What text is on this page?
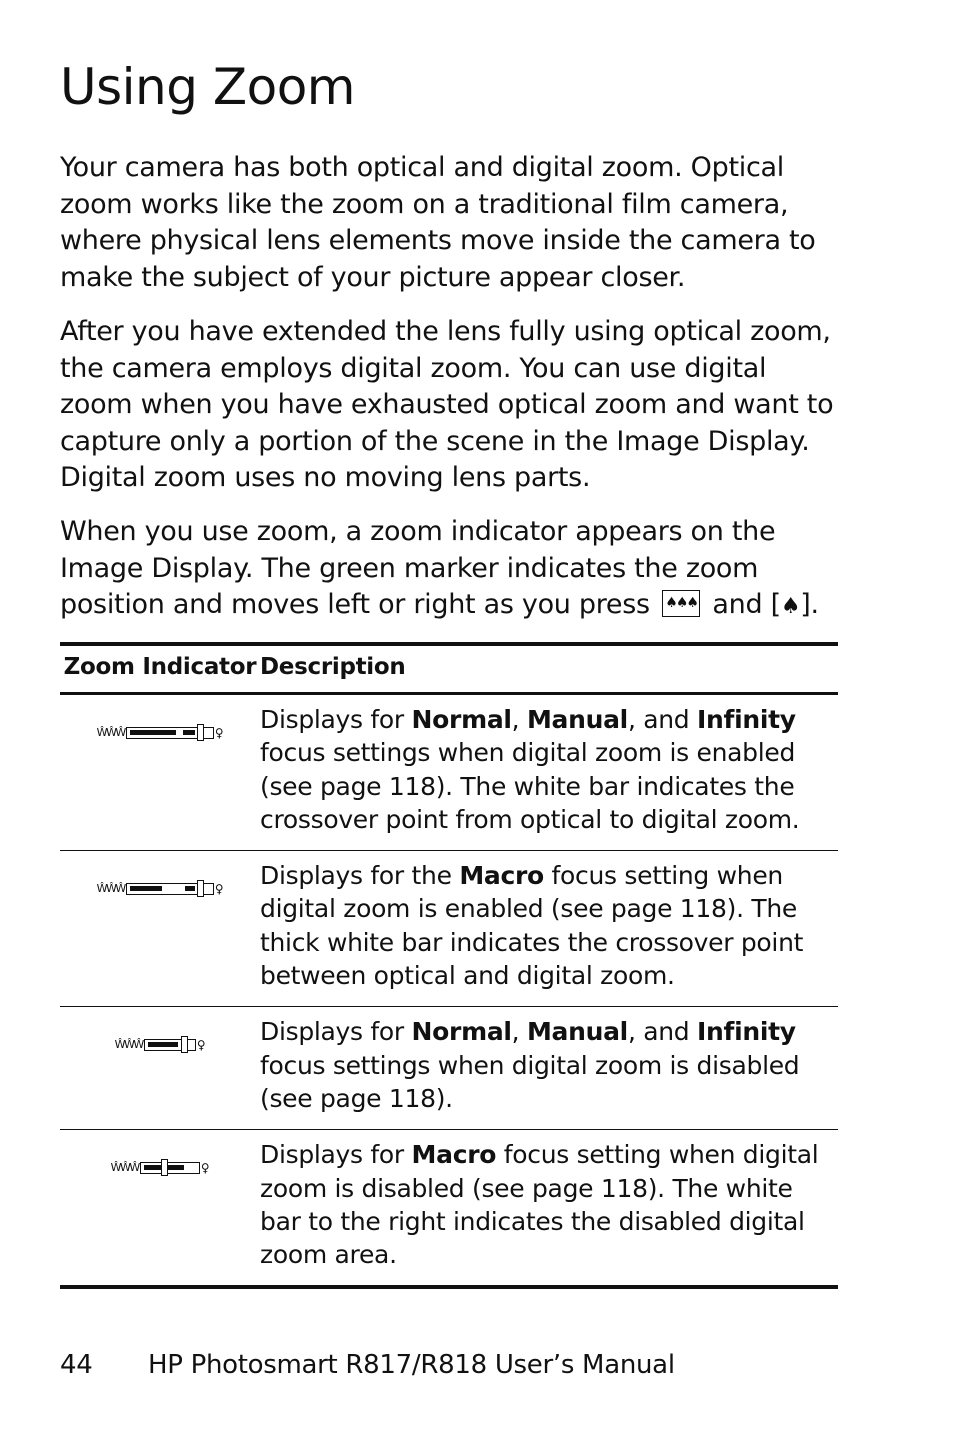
Using Zoom

Your camera has both optical and digital zoom. Optical zoom works like the zoom on a traditional film camera, where physical lens elements move inside the camera to make the subject of your picture appear closer.

After you have extended the lens fully using optical zoom, the camera employs digital zoom. You can use digital zoom when you have exhausted optical zoom and want to capture only a portion of the scene in the Image Display. Digital zoom uses no moving lens parts.

When you use zoom, a zoom indicator appears on the Image Display. The green marker indicates the zoom position and moves left or right as you press ♠♠♠ and [♠].

Zoom Indicator	Description

ŴŴŴ ♀	Displays for Normal, Manual, and Infinity focus settings when digital zoom is enabled (see page 118). The white bar indicates the crossover point from optical to digital zoom.

ŴŴŴ ♀	Displays for the Macro focus setting when digital zoom is enabled (see page 118). The thick white bar indicates the crossover point between optical and digital zoom.

ŴŴŴ ♀	Displays for Normal, Manual, and Infinity focus settings when digital zoom is disabled (see page 118).

ŴŴŴ ♀	Displays for Macro focus setting when digital zoom is disabled (see page 118). The white bar to the right indicates the disabled digital zoom area.
44 HP Photosmart R817/R818 User’s Manual
